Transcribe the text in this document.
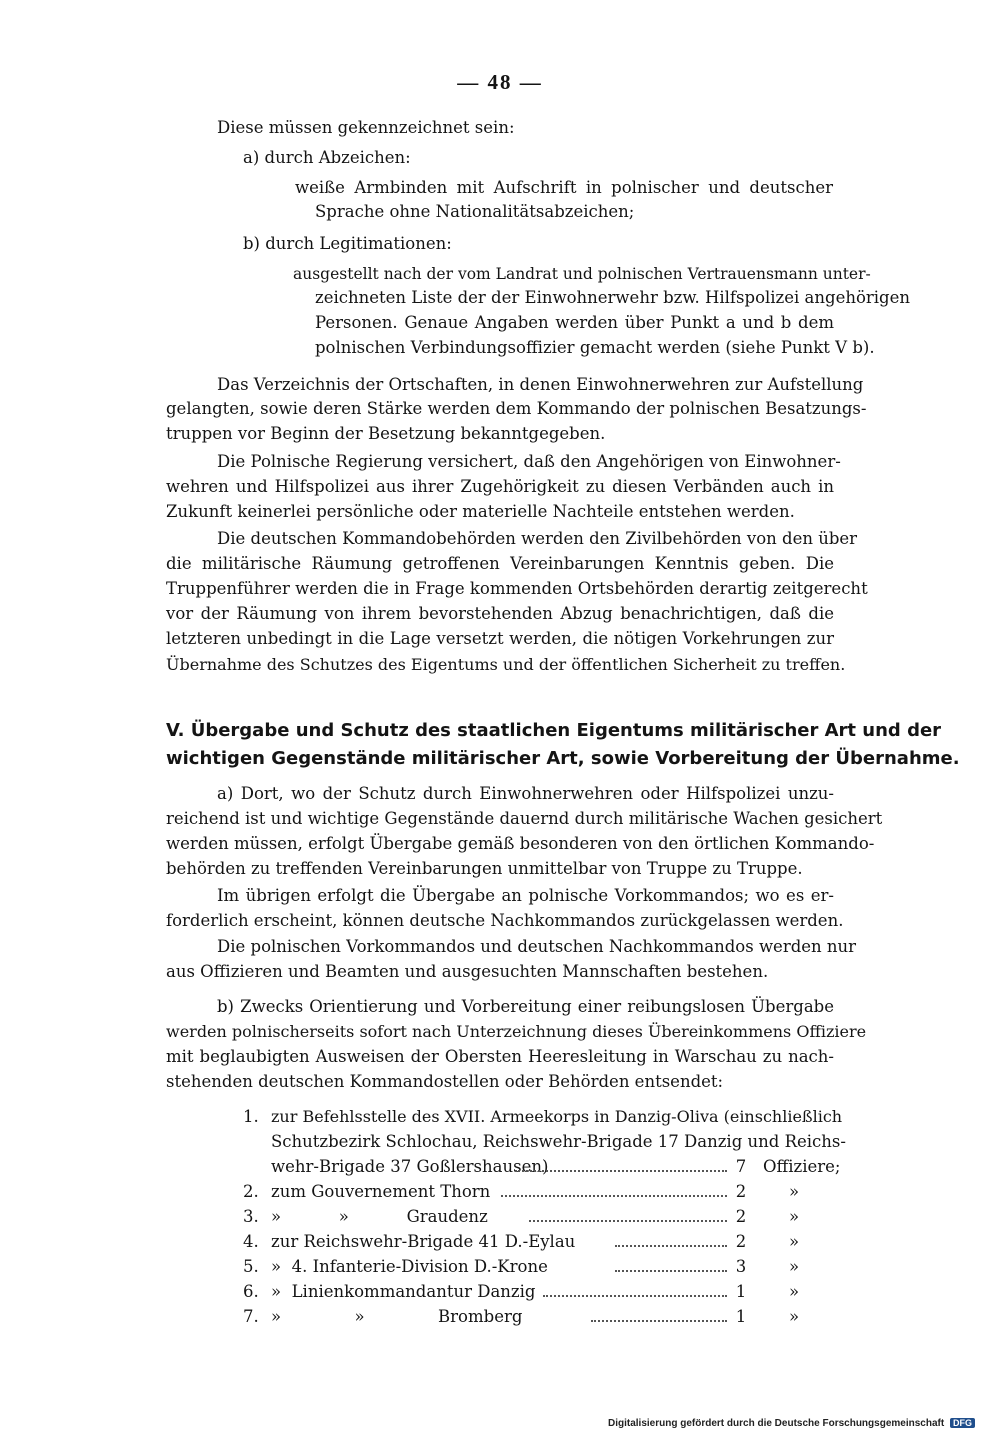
— 48 —
Diese müssen gekennzeichnet sein:
a) durch Abzeichen:
weiße Armbinden mit Aufschrift in polnischer und deutscher
Sprache ohne Nationalitätsabzeichen;
b) durch Legitimationen:
ausgestellt nach der vom Landrat und polnischen Vertrauensmann unter-
zeichneten Liste der der Einwohnerwehr bzw. Hilfspolizei angehörigen
Personen. Genaue Angaben werden über Punkt a und b dem
polnischen Verbindungsoffizier gemacht werden (siehe Punkt V b).
Das Verzeichnis der Ortschaften, in denen Einwohnerwehren zur Aufstellung
gelangten, sowie deren Stärke werden dem Kommando der polnischen Besatzungs-
truppen vor Beginn der Besetzung bekanntgegeben.
Die Polnische Regierung versichert, daß den Angehörigen von Einwohner-
wehren und Hilfspolizei aus ihrer Zugehörigkeit zu diesen Verbänden auch in
Zukunft keinerlei persönliche oder materielle Nachteile entstehen werden.
Die deutschen Kommandobehörden werden den Zivilbehörden von den über
die militärische Räumung getroffenen Vereinbarungen Kenntnis geben. Die
Truppenführer werden die in Frage kommenden Ortsbehörden derartig zeitgerecht
vor der Räumung von ihrem bevorstehenden Abzug benachrichtigen, daß die
letzteren unbedingt in die Lage versetzt werden, die nötigen Vorkehrungen zur
Übernahme des Schutzes des Eigentums und der öffentlichen Sicherheit zu treffen.
V. Übergabe und Schutz des staatlichen Eigentums militärischer Art und der
wichtigen Gegenstände militärischer Art, sowie Vorbereitung der Übernahme.
a) Dort, wo der Schutz durch Einwohnerwehren oder Hilfspolizei unzu-
reichend ist und wichtige Gegenstände dauernd durch militärische Wachen gesichert
werden müssen, erfolgt Übergabe gemäß besonderen von den örtlichen Kommando-
behörden zu treffenden Vereinbarungen unmittelbar von Truppe zu Truppe.
Im übrigen erfolgt die Übergabe an polnische Vorkommandos; wo es er-
forderlich erscheint, können deutsche Nachkommandos zurückgelassen werden.
Die polnischen Vorkommandos und deutschen Nachkommandos werden nur
aus Offizieren und Beamten und ausgesuchten Mannschaften bestehen.
b) Zwecks Orientierung und Vorbereitung einer reibungslosen Übergabe
werden polnischerseits sofort nach Unterzeichnung dieses Übereinkommens Offiziere
mit beglaubigten Ausweisen der Obersten Heeresleitung in Warschau zu nach-
stehenden deutschen Kommandostellen oder Behörden entsendet:
1. zur Befehlsstelle des XVII. Armeekorps in Danzig-Oliva (einschließlich
Schutzbezirk Schlochau, Reichswehr-Brigade 17 Danzig und Reichs-
wehr-Brigade 37 Goßlershausen)	7 Offiziere;
2. zum Gouvernement Thorn	2	»
3. »           »           Graudenz	2	»
4. zur Reichswehr-Brigade 41 D.-Eylau	2	»
5. »  4. Infanterie-Division D.-Krone	3	»
6. »  Linienkommandantur Danzig	1	»
7. »              »              Bromberg	1	»
Digitalisierung gefördert durch die Deutsche Forschungsgemeinschaft DFG
